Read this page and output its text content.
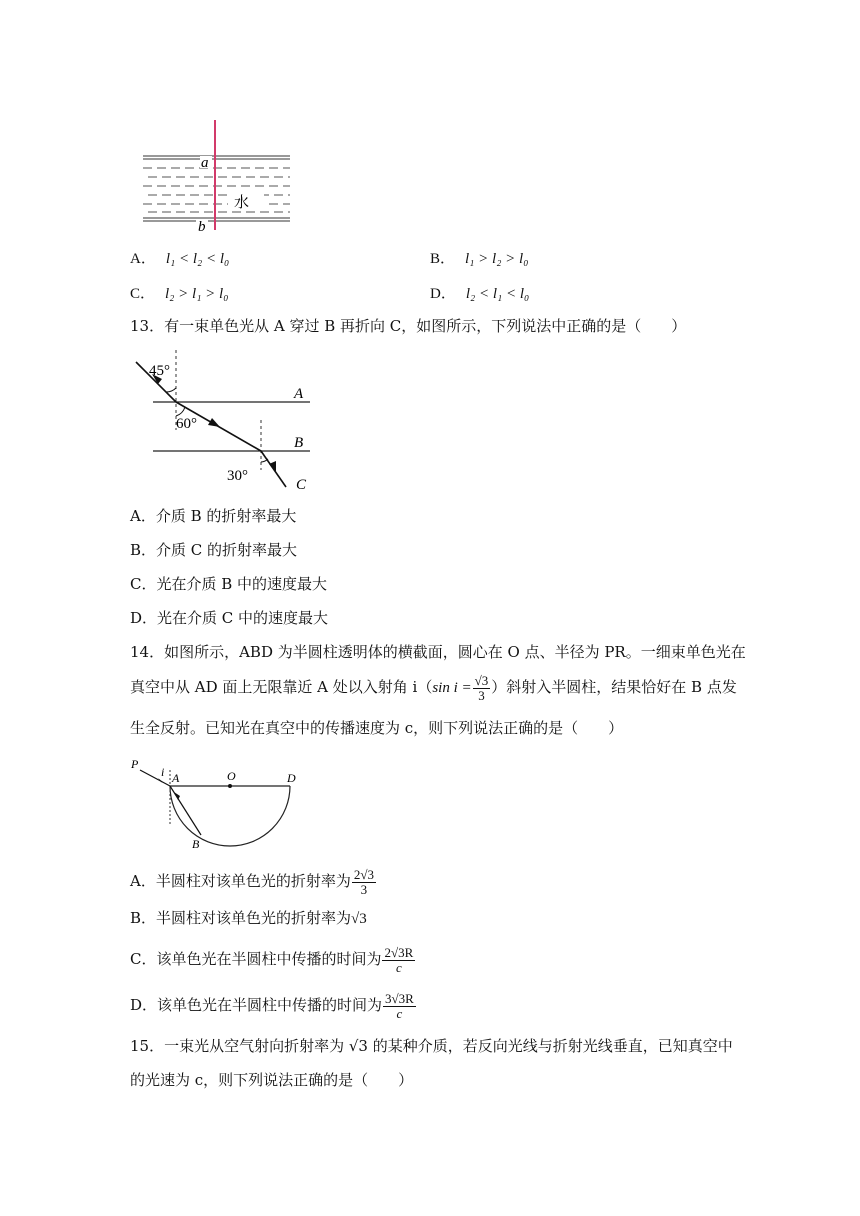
a
b
水
A． l₁ < l₂ < l₀	B． l₁ > l₂ > l₀
C． l₂ > l₁ > l₀	D． l₂ < l₁ < l₀
13．有一束单色光从 A 穿过 B 再折向 C，如图所示，下列说法中正确的是（　　）
45°
60°
30°
A
B
C
A．介质 B 的折射率最大
B．介质 C 的折射率最大
C．光在介质 B 中的速度最大
D．光在介质 C 中的速度最大
14．如图所示，ABD 为半圆柱透明体的横截面，圆心在 O 点、半径为 PR。一细束单色光在
真空中从 AD 面上无限靠近 A 处以入射角 i（sin $i = \frac{√3}{3}$ ）斜射入半圆柱，结果恰好在 B 点发
生全反射。已知光在真空中的传播速度为 c，则下列说法正确的是（　　）
P
i A	O	D
B
A．半圆柱对该单色光的折射率为 $\frac{2√3}{3}$
B．半圆柱对该单色光的折射率为√3
C．该单色光在半圆柱中传播的时间为 $\frac{2√3R}{c}$
D．该单色光在半圆柱中传播的时间为 $\frac{3√3R}{c}$
15．一束光从空气射向折射率为 √3 的某种介质，若反向光线与折射光线垂直，已知真空中
的光速为 c，则下列说法正确的是（　　）
